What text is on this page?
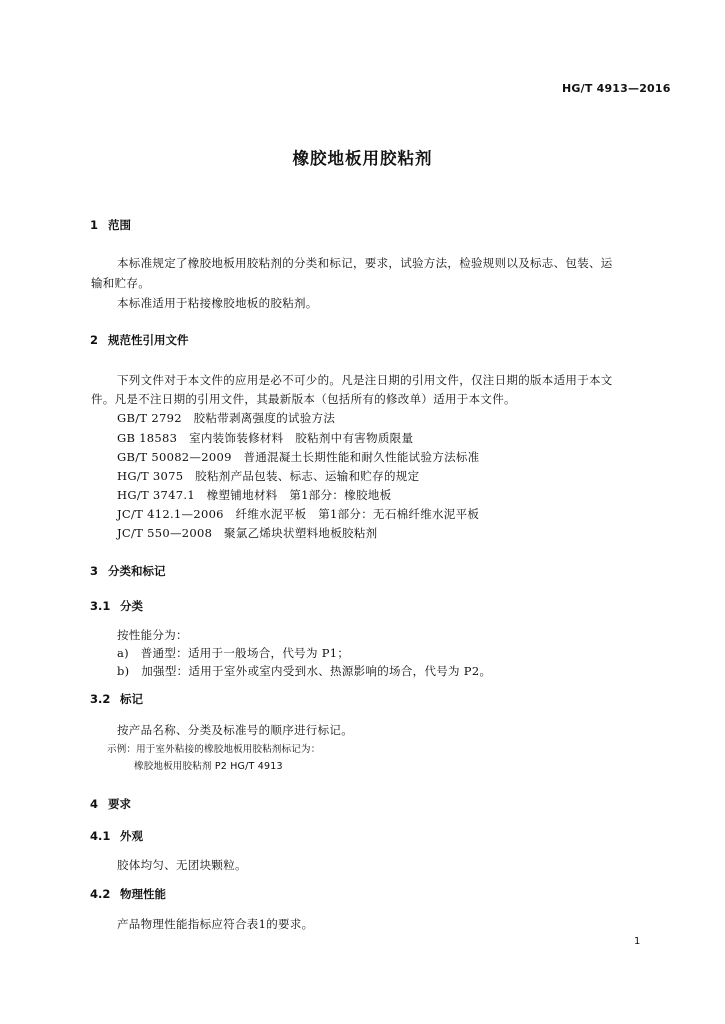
HG/T 4913—2016
橡胶地板用胶粘剂
1 范围
本标准规定了橡胶地板用胶粘剂的分类和标记，要求，试验方法，检验规则以及标志、包装、运
输和贮存。
本标准适用于粘接橡胶地板的胶粘剂。
2 规范性引用文件
下列文件对于本文件的应用是必不可少的。凡是注日期的引用文件，仅注日期的版本适用于本文
件。凡是不注日期的引用文件，其最新版本（包括所有的修改单）适用于本文件。
GB/T 2792　胶粘带剥离强度的试验方法
GB 18583　室内装饰装修材料　胶粘剂中有害物质限量
GB/T 50082—2009　普通混凝土长期性能和耐久性能试验方法标准
HG/T 3075　胶粘剂产品包装、标志、运输和贮存的规定
HG/T 3747.1　橡塑铺地材料　第1部分：橡胶地板
JC/T 412.1—2006　纤维水泥平板　第1部分：无石棉纤维水泥平板
JC/T 550—2008　聚氯乙烯块状塑料地板胶粘剂
3 分类和标记
3.1 分类
按性能分为：
a)　普通型：适用于一般场合，代号为 P1；
b)　加强型：适用于室外或室内受到水、热源影响的场合，代号为 P2。
3.2 标记
按产品名称、分类及标准号的顺序进行标记。
示例：用于室外粘接的橡胶地板用胶粘剂标记为：
橡胶地板用胶粘剂 P2 HG/T 4913
4 要求
4.1 外观
胶体均匀、无团块颗粒。
4.2 物理性能
产品物理性能指标应符合表1的要求。
1
